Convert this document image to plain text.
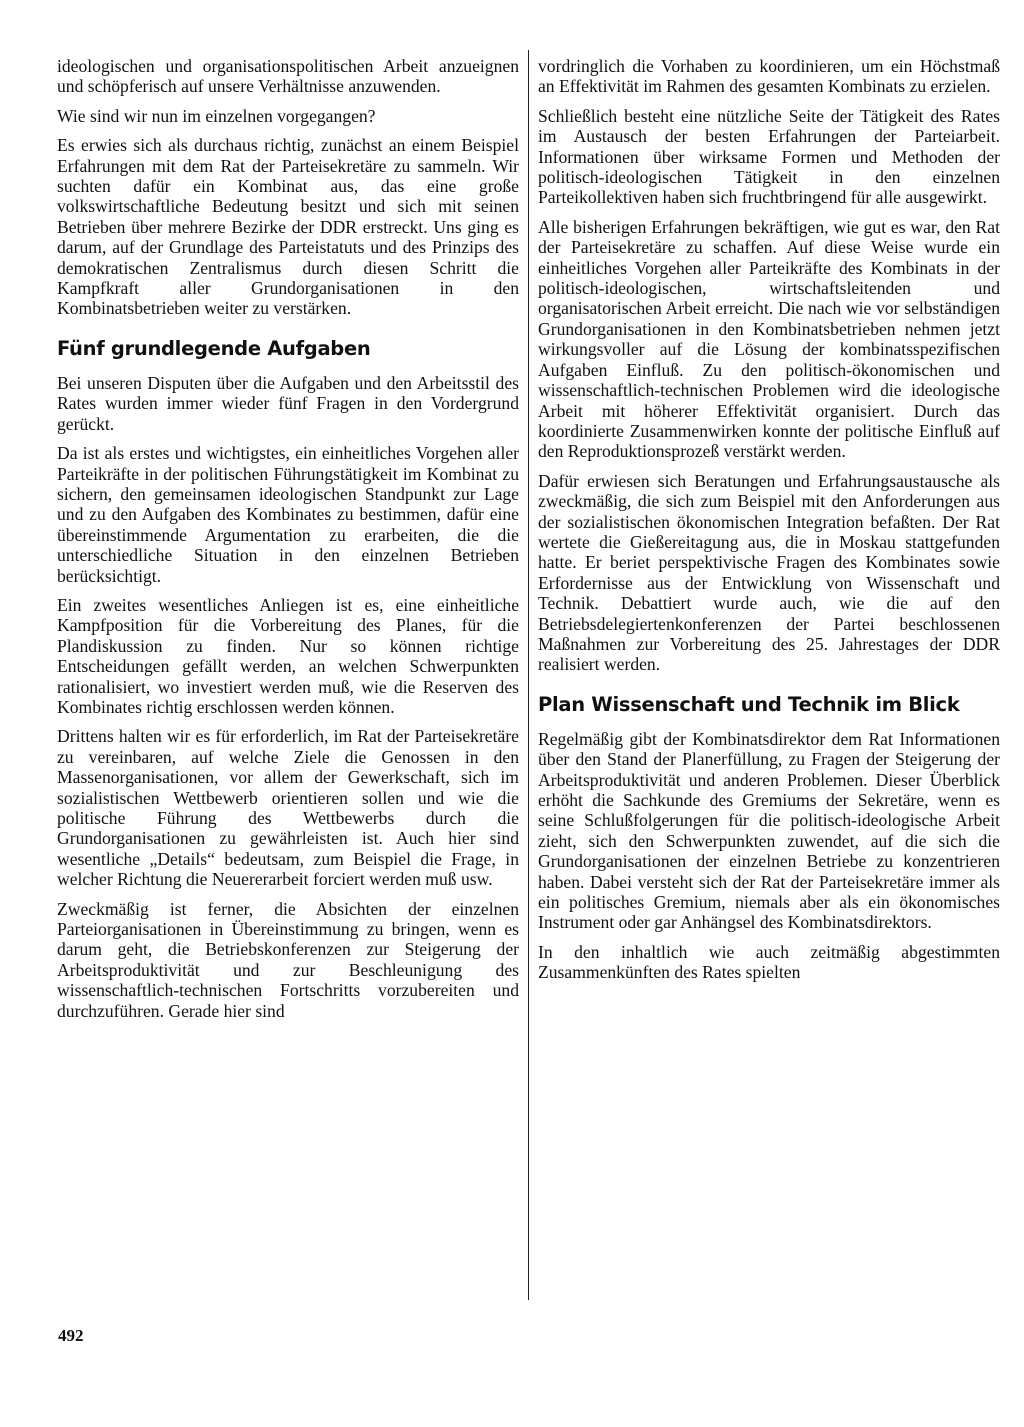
ideologischen und organisationspolitischen Arbeit anzueignen und schöpferisch auf unsere Verhältnisse anzuwenden.

Wie sind wir nun im einzelnen vorgegangen?

Es erwies sich als durchaus richtig, zunächst an einem Beispiel Erfahrungen mit dem Rat der Parteisekretäre zu sammeln. Wir suchten dafür ein Kombinat aus, das eine große volkswirtschaftliche Bedeutung besitzt und sich mit seinen Betrieben über mehrere Bezirke der DDR erstreckt. Uns ging es darum, auf der Grundlage des Parteistatuts und des Prinzips des demokratischen Zentralismus durch diesen Schritt die Kampfkraft aller Grundorganisationen in den Kombinatsbetrieben weiter zu verstärken.

Fünf grundlegende Aufgaben

Bei unseren Disputen über die Aufgaben und den Arbeitsstil des Rates wurden immer wieder fünf Fragen in den Vordergrund gerückt.

Da ist als erstes und wichtigstes, ein einheitliches Vorgehen aller Parteikräfte in der politischen Führungstätigkeit im Kombinat zu sichern, den gemeinsamen ideologischen Standpunkt zur Lage und zu den Aufgaben des Kombinates zu bestimmen, dafür eine übereinstimmende Argumentation zu erarbeiten, die die unterschiedliche Situation in den einzelnen Betrieben berücksichtigt.

Ein zweites wesentliches Anliegen ist es, eine einheitliche Kampfposition für die Vorbereitung des Planes, für die Plandiskussion zu finden. Nur so können richtige Entscheidungen gefällt werden, an welchen Schwerpunkten rationalisiert, wo investiert werden muß, wie die Reserven des Kombinates richtig erschlossen werden können.

Drittens halten wir es für erforderlich, im Rat der Parteisekretäre zu vereinbaren, auf welche Ziele die Genossen in den Massenorganisationen, vor allem der Gewerkschaft, sich im sozialistischen Wettbewerb orientieren sollen und wie die politische Führung des Wettbewerbs durch die Grundorganisationen zu gewährleisten ist. Auch hier sind wesentliche „Details“ bedeutsam, zum Beispiel die Frage, in welcher Richtung die Neuererarbeit forciert werden muß usw.

Zweckmäßig ist ferner, die Absichten der einzelnen Parteiorganisationen in Übereinstimmung zu bringen, wenn es darum geht, die Betriebskonferenzen zur Steigerung der Arbeitsproduktivität und zur Beschleunigung des wissenschaftlich-technischen Fortschritts vorzubereiten und durchzuführen. Gerade hier sind

vordringlich die Vorhaben zu koordinieren, um ein Höchstmaß an Effektivität im Rahmen des gesamten Kombinats zu erzielen.

Schließlich besteht eine nützliche Seite der Tätigkeit des Rates im Austausch der besten Erfahrungen der Parteiarbeit. Informationen über wirksame Formen und Methoden der politisch-ideologischen Tätigkeit in den einzelnen Parteikollektiven haben sich fruchtbringend für alle ausgewirkt.

Alle bisherigen Erfahrungen bekräftigen, wie gut es war, den Rat der Parteisekretäre zu schaffen. Auf diese Weise wurde ein einheitliches Vorgehen aller Parteikräfte des Kombinats in der politisch-ideologischen, wirtschaftsleitenden und organisatorischen Arbeit erreicht. Die nach wie vor selbständigen Grundorganisationen in den Kombinatsbetrieben nehmen jetzt wirkungsvoller auf die Lösung der kombinatsspezifischen Aufgaben Einfluß. Zu den politisch-ökonomischen und wissenschaftlich-technischen Problemen wird die ideologische Arbeit mit höherer Effektivität organisiert. Durch das koordinierte Zusammenwirken konnte der politische Einfluß auf den Reproduktionsprozeß verstärkt werden.

Dafür erwiesen sich Beratungen und Erfahrungsaustausche als zweckmäßig, die sich zum Beispiel mit den Anforderungen aus der sozialistischen ökonomischen Integration befaßten. Der Rat wertete die Gießereitagung aus, die in Moskau stattgefunden hatte. Er beriet perspektivische Fragen des Kombinates sowie Erfordernisse aus der Entwicklung von Wissenschaft und Technik. Debattiert wurde auch, wie die auf den Betriebsdelegiertenkonferenzen der Partei beschlossenen Maßnahmen zur Vorbereitung des 25. Jahrestages der DDR realisiert werden.

Plan Wissenschaft und Technik im Blick

Regelmäßig gibt der Kombinatsdirektor dem Rat Informationen über den Stand der Planerfüllung, zu Fragen der Steigerung der Arbeitsproduktivität und anderen Problemen. Dieser Überblick erhöht die Sachkunde des Gremiums der Sekretäre, wenn es seine Schlußfolgerungen für die politisch-ideologische Arbeit zieht, sich den Schwerpunkten zuwendet, auf die sich die Grundorganisationen der einzelnen Betriebe zu konzentrieren haben. Dabei versteht sich der Rat der Parteisekretäre immer als ein politisches Gremium, niemals aber als ein ökonomisches Instrument oder gar Anhängsel des Kombinatsdirektors.

In den inhaltlich wie auch zeitmäßig abgestimmten Zusammenkünften des Rates spielten

492
